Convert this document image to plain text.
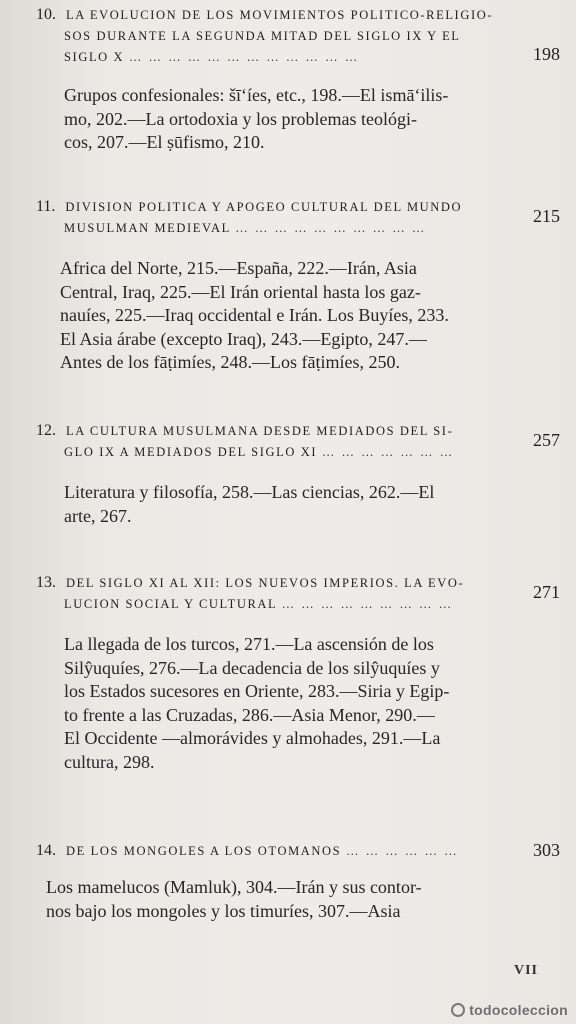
10. LA EVOLUCION DE LOS MOVIMIENTOS POLITICO-RELIGIO-
SOS DURANTE LA SEGUNDA MITAD DEL SIGLO IX Y EL
SIGLO X … … … … … … … … … … … …	198
Grupos confesionales: šī‘íes, etc., 198.—El ismā‘ilis-
mo, 202.—La ortodoxia y los problemas teológi-
cos, 207.—El ṣūfismo, 210.
11. DIVISION POLITICA Y APOGEO CULTURAL DEL MUNDO
MUSULMAN MEDIEVAL … … … … … … … … … …
215
Africa del Norte, 215.—España, 222.—Irán, Asia
Central, Iraq, 225.—El Irán oriental hasta los gaz-
nauíes, 225.—Iraq occidental e Irán. Los Buyíes, 233.
El Asia árabe (excepto Iraq), 243.—Egipto, 247.—
Antes de los fāṭimíes, 248.—Los fāṭimíes, 250.
12. LA CULTURA MUSULMANA DESDE MEDIADOS DEL SI-
GLO IX A MEDIADOS DEL SIGLO XI … … … … … … …
257
Literatura y filosofía, 258.—Las ciencias, 262.—El
arte, 267.
13. DEL SIGLO XI AL XII: LOS NUEVOS IMPERIOS. LA EVO-
LUCION SOCIAL Y CULTURAL … … … … … … … … …
271
La llegada de los turcos, 271.—La ascensión de los
Silŷuquíes, 276.—La decadencia de los silŷuquíes y
los Estados sucesores en Oriente, 283.—Siria y Egip-
to frente a las Cruzadas, 286.—Asia Menor, 290.—
El Occidente —almorávides y almohades, 291.—La
cultura, 298.
14. DE LOS MONGOLES A LOS OTOMANOS … … … … … …	303
Los mamelucos (Mamluk), 304.—Irán y sus contor-
nos bajo los mongoles y los timuríes, 307.—Asia
VII
todocoleccion
